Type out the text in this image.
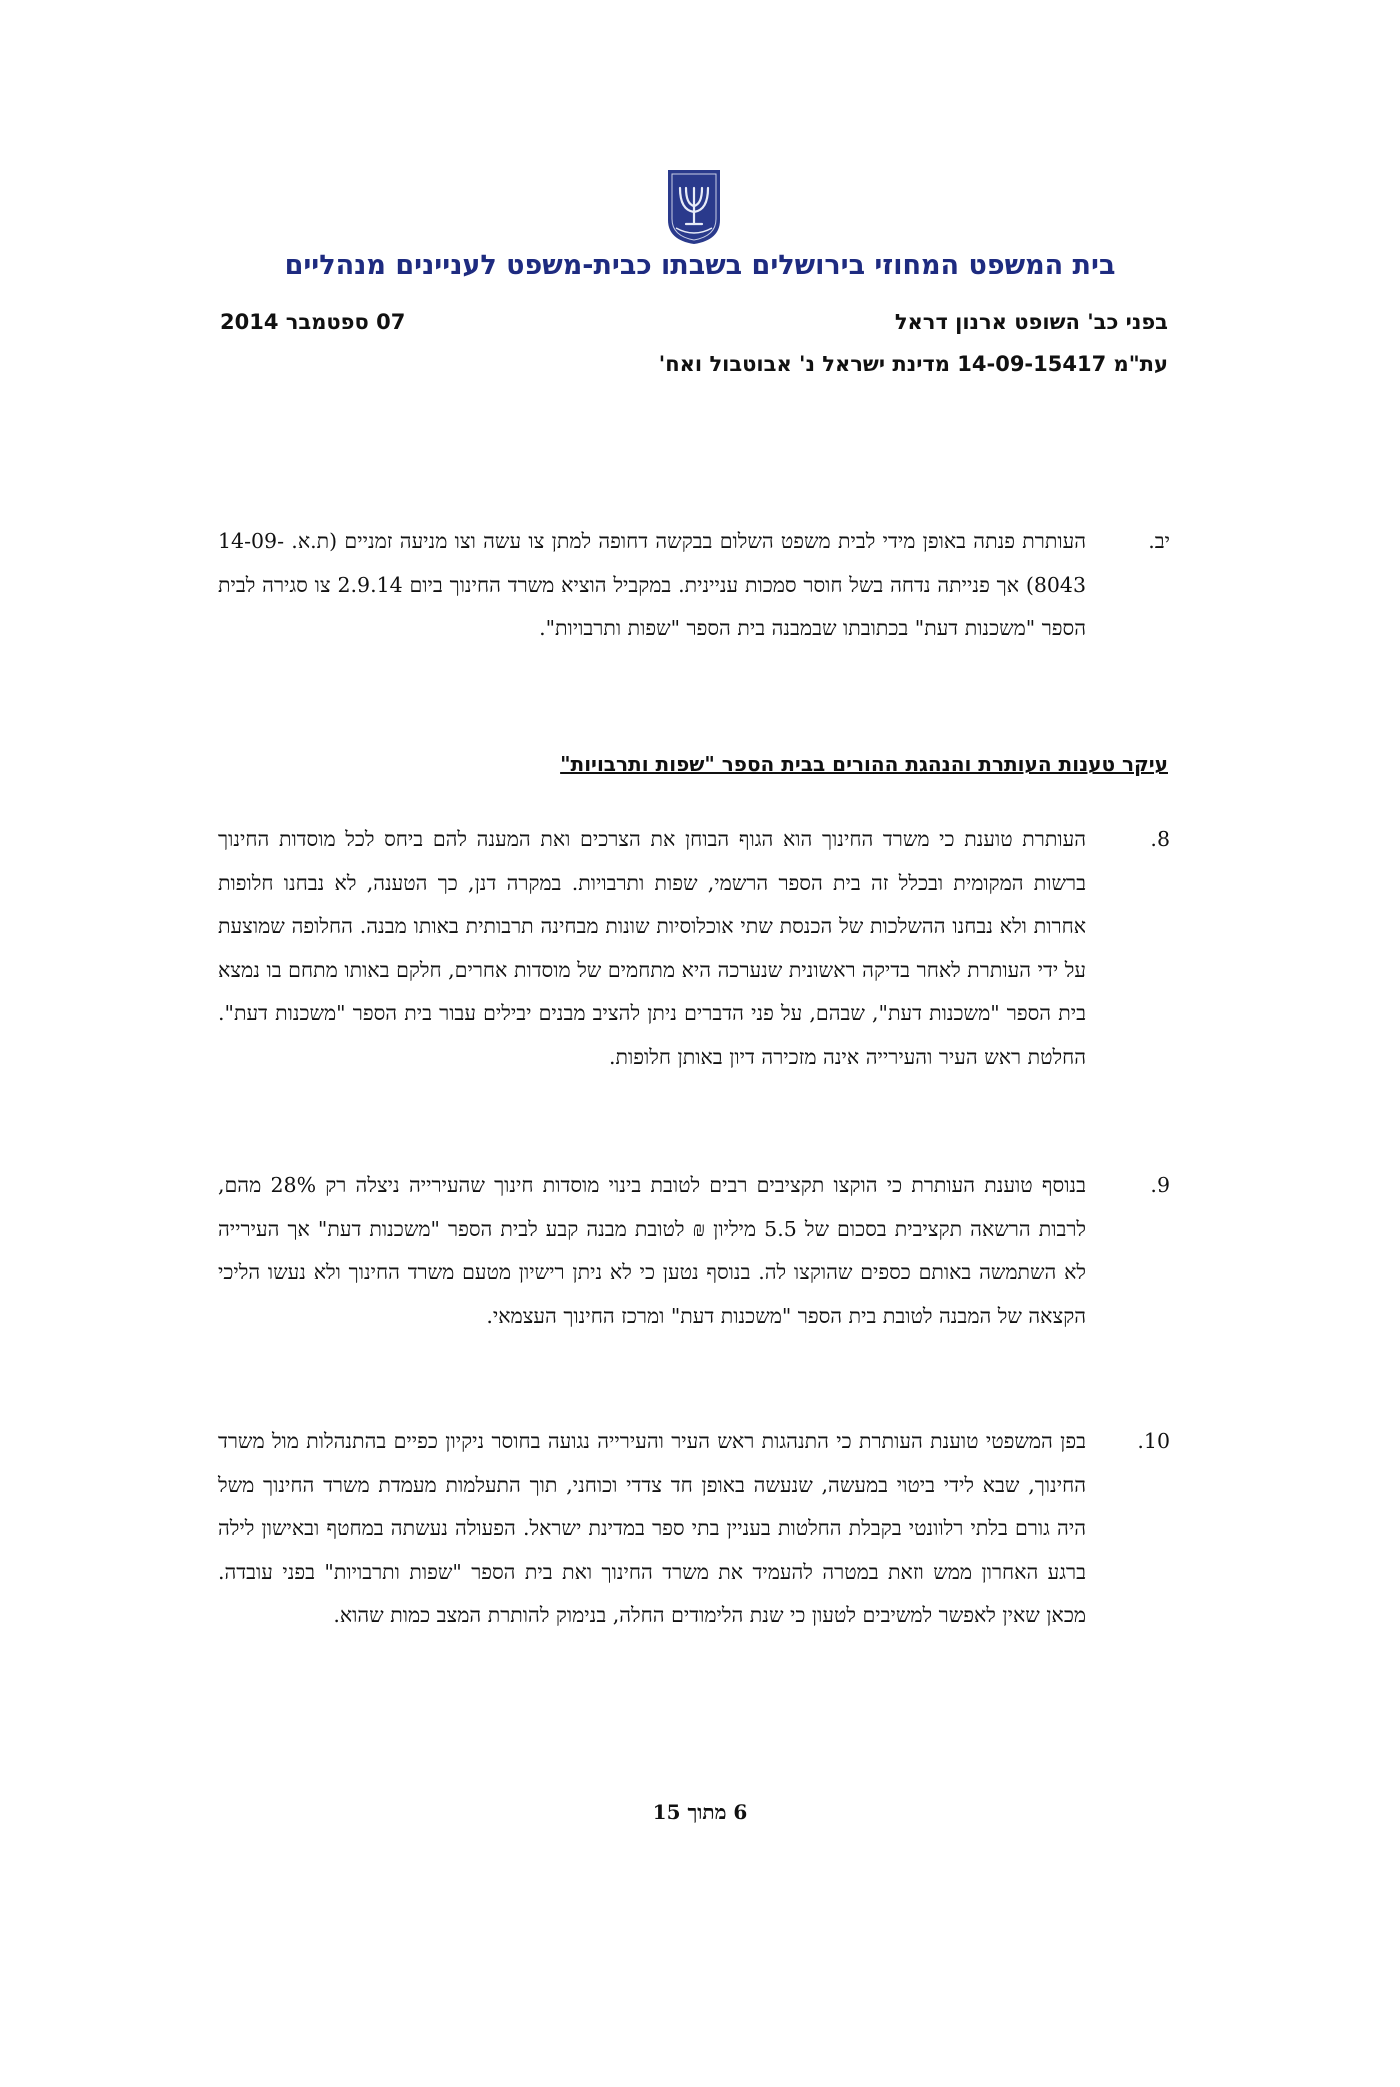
בית המשפט המחוזי בירושלים בשבתו כבית-משפט לעניינים מנהליים
בפני כב' השופט ארנון דראל
07 ספטמבר 2014
עת"מ 14-09-15417 מדינת ישראל נ' אבוטבול ואח'
יב.
העותרת פנתה באופן מידי לבית משפט השלום בבקשה דחופה למתן צו עשה וצו מניעה זמניים (ת.א. 14-09-8043) אך פנייתה נדחה בשל חוסר סמכות עניינית. במקביל הוציא משרד החינוך ביום 2.9.14 צו סגירה לבית הספר "משכנות דעת" בכתובתו שבמבנה בית הספר "שפות ותרבויות".
עיקר טענות העותרת והנהגת ההורים בבית הספר "שפות ותרבויות"
8.
העותרת טוענת כי משרד החינוך הוא הגוף הבוחן את הצרכים ואת המענה להם ביחס לכל מוסדות החינוך ברשות המקומית ובכלל זה בית הספר הרשמי, שפות ותרבויות. במקרה דנן, כך הטענה, לא נבחנו חלופות אחרות ולא נבחנו ההשלכות של הכנסת שתי אוכלוסיות שונות מבחינה תרבותית באותו מבנה. החלופה שמוצעת על ידי העותרת לאחר בדיקה ראשונית שנערכה היא מתחמים של מוסדות אחרים, חלקם באותו מתחם בו נמצא בית הספר "משכנות דעת", שבהם, על פני הדברים ניתן להציב מבנים יבילים עבור בית הספר "משכנות דעת". החלטת ראש העיר והעירייה אינה מזכירה דיון באותן חלופות.
9.
בנוסף טוענת העותרת כי הוקצו תקציבים רבים לטובת בינוי מוסדות חינוך שהעירייה ניצלה רק 28% מהם, לרבות הרשאה תקציבית בסכום של 5.5 מיליון ₪ לטובת מבנה קבע לבית הספר "משכנות דעת" אך העירייה לא השתמשה באותם כספים שהוקצו לה. בנוסף נטען כי לא ניתן רישיון מטעם משרד החינוך ולא נעשו הליכי הקצאה של המבנה לטובת בית הספר "משכנות דעת" ומרכז החינוך העצמאי.
10.
בפן המשפטי טוענת העותרת כי התנהגות ראש העיר והעירייה נגועה בחוסר ניקיון כפיים בהתנהלות מול משרד החינוך, שבא לידי ביטוי במעשה, שנעשה באופן חד צדדי וכוחני, תוך התעלמות מעמדת משרד החינוך משל היה גורם בלתי רלוונטי בקבלת החלטות בעניין בתי ספר במדינת ישראל. הפעולה נעשתה במחטף ובאישון לילה ברגע האחרון ממש וזאת במטרה להעמיד את משרד החינוך ואת בית הספר "שפות ותרבויות" בפני עובדה. מכאן שאין לאפשר למשיבים לטעון כי שנת הלימודים החלה, בנימוק להותרת המצב כמות שהוא.
6 מתוך 15
